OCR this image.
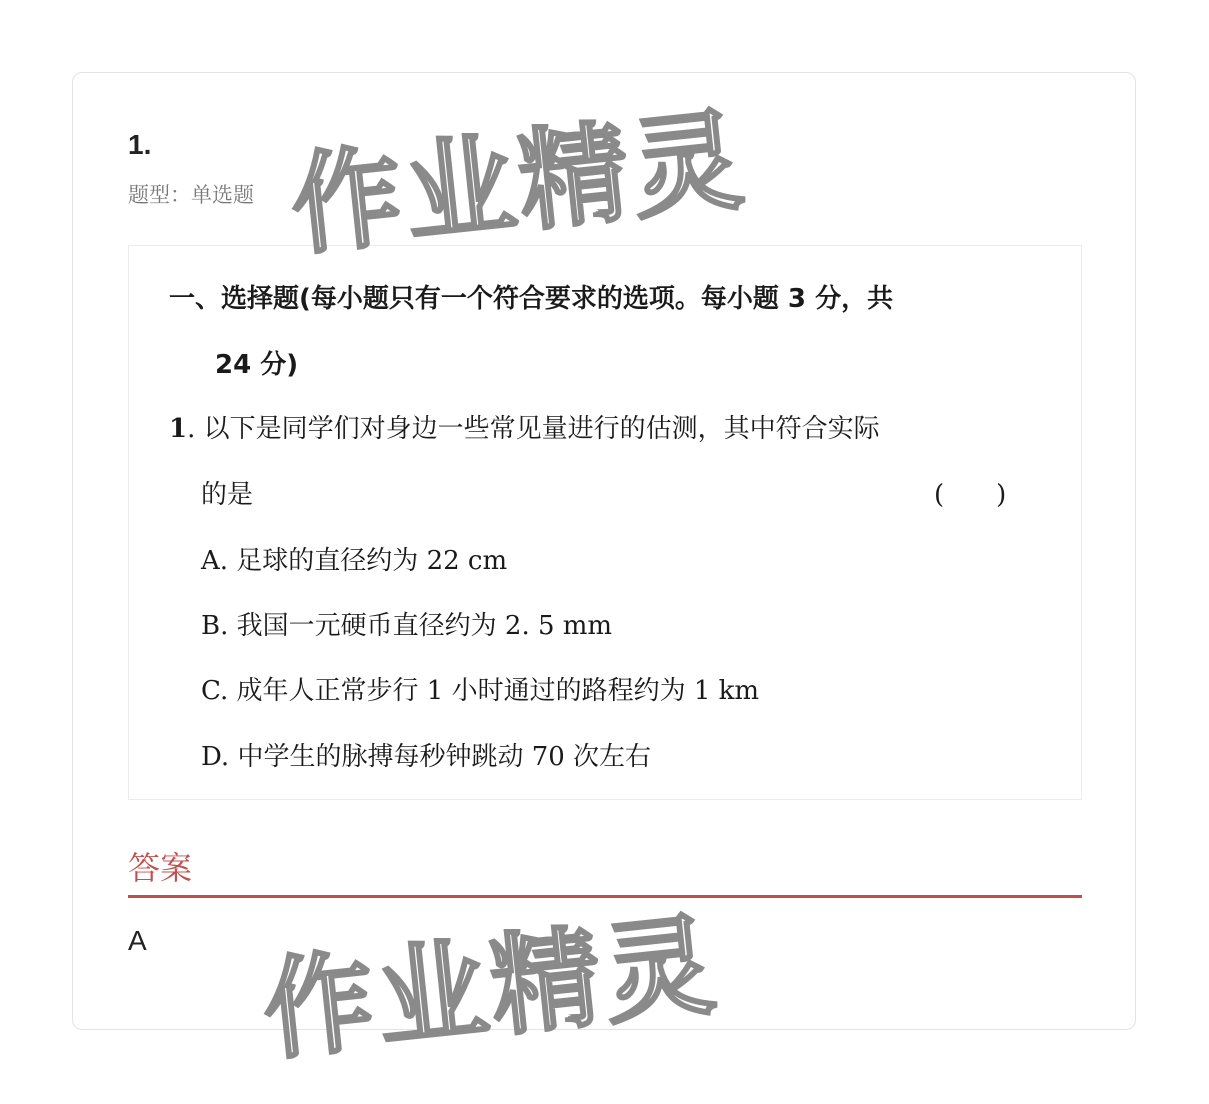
1.
题型：单选题
一、选择题(每小题只有一个符合要求的选项。每小题 3 分，共
24 分)
1. 以下是同学们对身边一些常见量进行的估测，其中符合实际
的是	(　　)
A. 足球的直径约为 22 cm
B. 我国一元硬币直径约为 2. 5 mm
C. 成年人正常步行 1 小时通过的路程约为 1 km
D. 中学生的脉搏每秒钟跳动 70 次左右
答案
A
作业精灵
作业精灵
